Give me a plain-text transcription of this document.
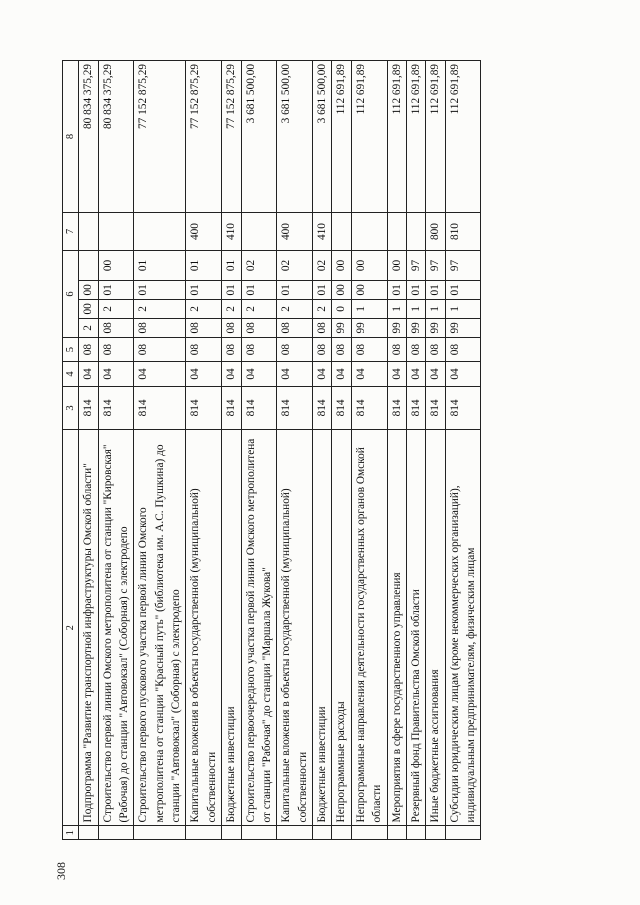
308
1	2	3	4	5	6				7	8
	Подпрограмма "Развитие транспортной инфраструктуры Омской области"	814	04	08	2	00	00			80 834 375,29
	Строительство первой линии Омского метрополитена от станции "Кировская" (Рабочая) до станции "Автовокзал" (Соборная) с электродепо	814	04	08	08	2	01	00		80 834 375,29
	Строительство первого пускового участка первой линии Омского метрополитена от станции "Красный путь" (библиотека им. А.С. Пушкина) до станции "Автовокзал" (Соборная) с электродепо	814	04	08	08	2	01	01		77 152 875,29
	Капитальные вложения в объекты государственной (муниципальной) собственности	814	04	08	08	2	01	01	400	77 152 875,29
	Бюджетные инвестиции	814	04	08	08	2	01	01	410	77 152 875,29
	Строительство первоочередного участка первой линии Омского метрополитена от станции "Рабочая" до станции "Маршала Жукова"	814	04	08	08	2	01	02		3 681 500,00
	Капитальные вложения в объекты государственной (муниципальной) собственности	814	04	08	08	2	01	02	400	3 681 500,00
	Бюджетные инвестиции	814	04	08	08	2	01	02	410	3 681 500,00
	Непрограммные расходы	814	04	08	99	0	00	00		112 691,89
	Непрограммные направления деятельности государственных органов Омской области	814	04	08	99	1	00	00		112 691,89
	Мероприятия в сфере государственного управления	814	04	08	99	1	01	00		112 691,89
	Резервный фонд Правительства Омской области	814	04	08	99	1	01	97		112 691,89
	Иные бюджетные ассигнования	814	04	08	99	1	01	97	800	112 691,89
	Субсидии юридическим лицам (кроме некоммерческих организаций), индивидуальным предпринимателям, физическим лицам	814	04	08	99	1	01	97	810	112 691,89
